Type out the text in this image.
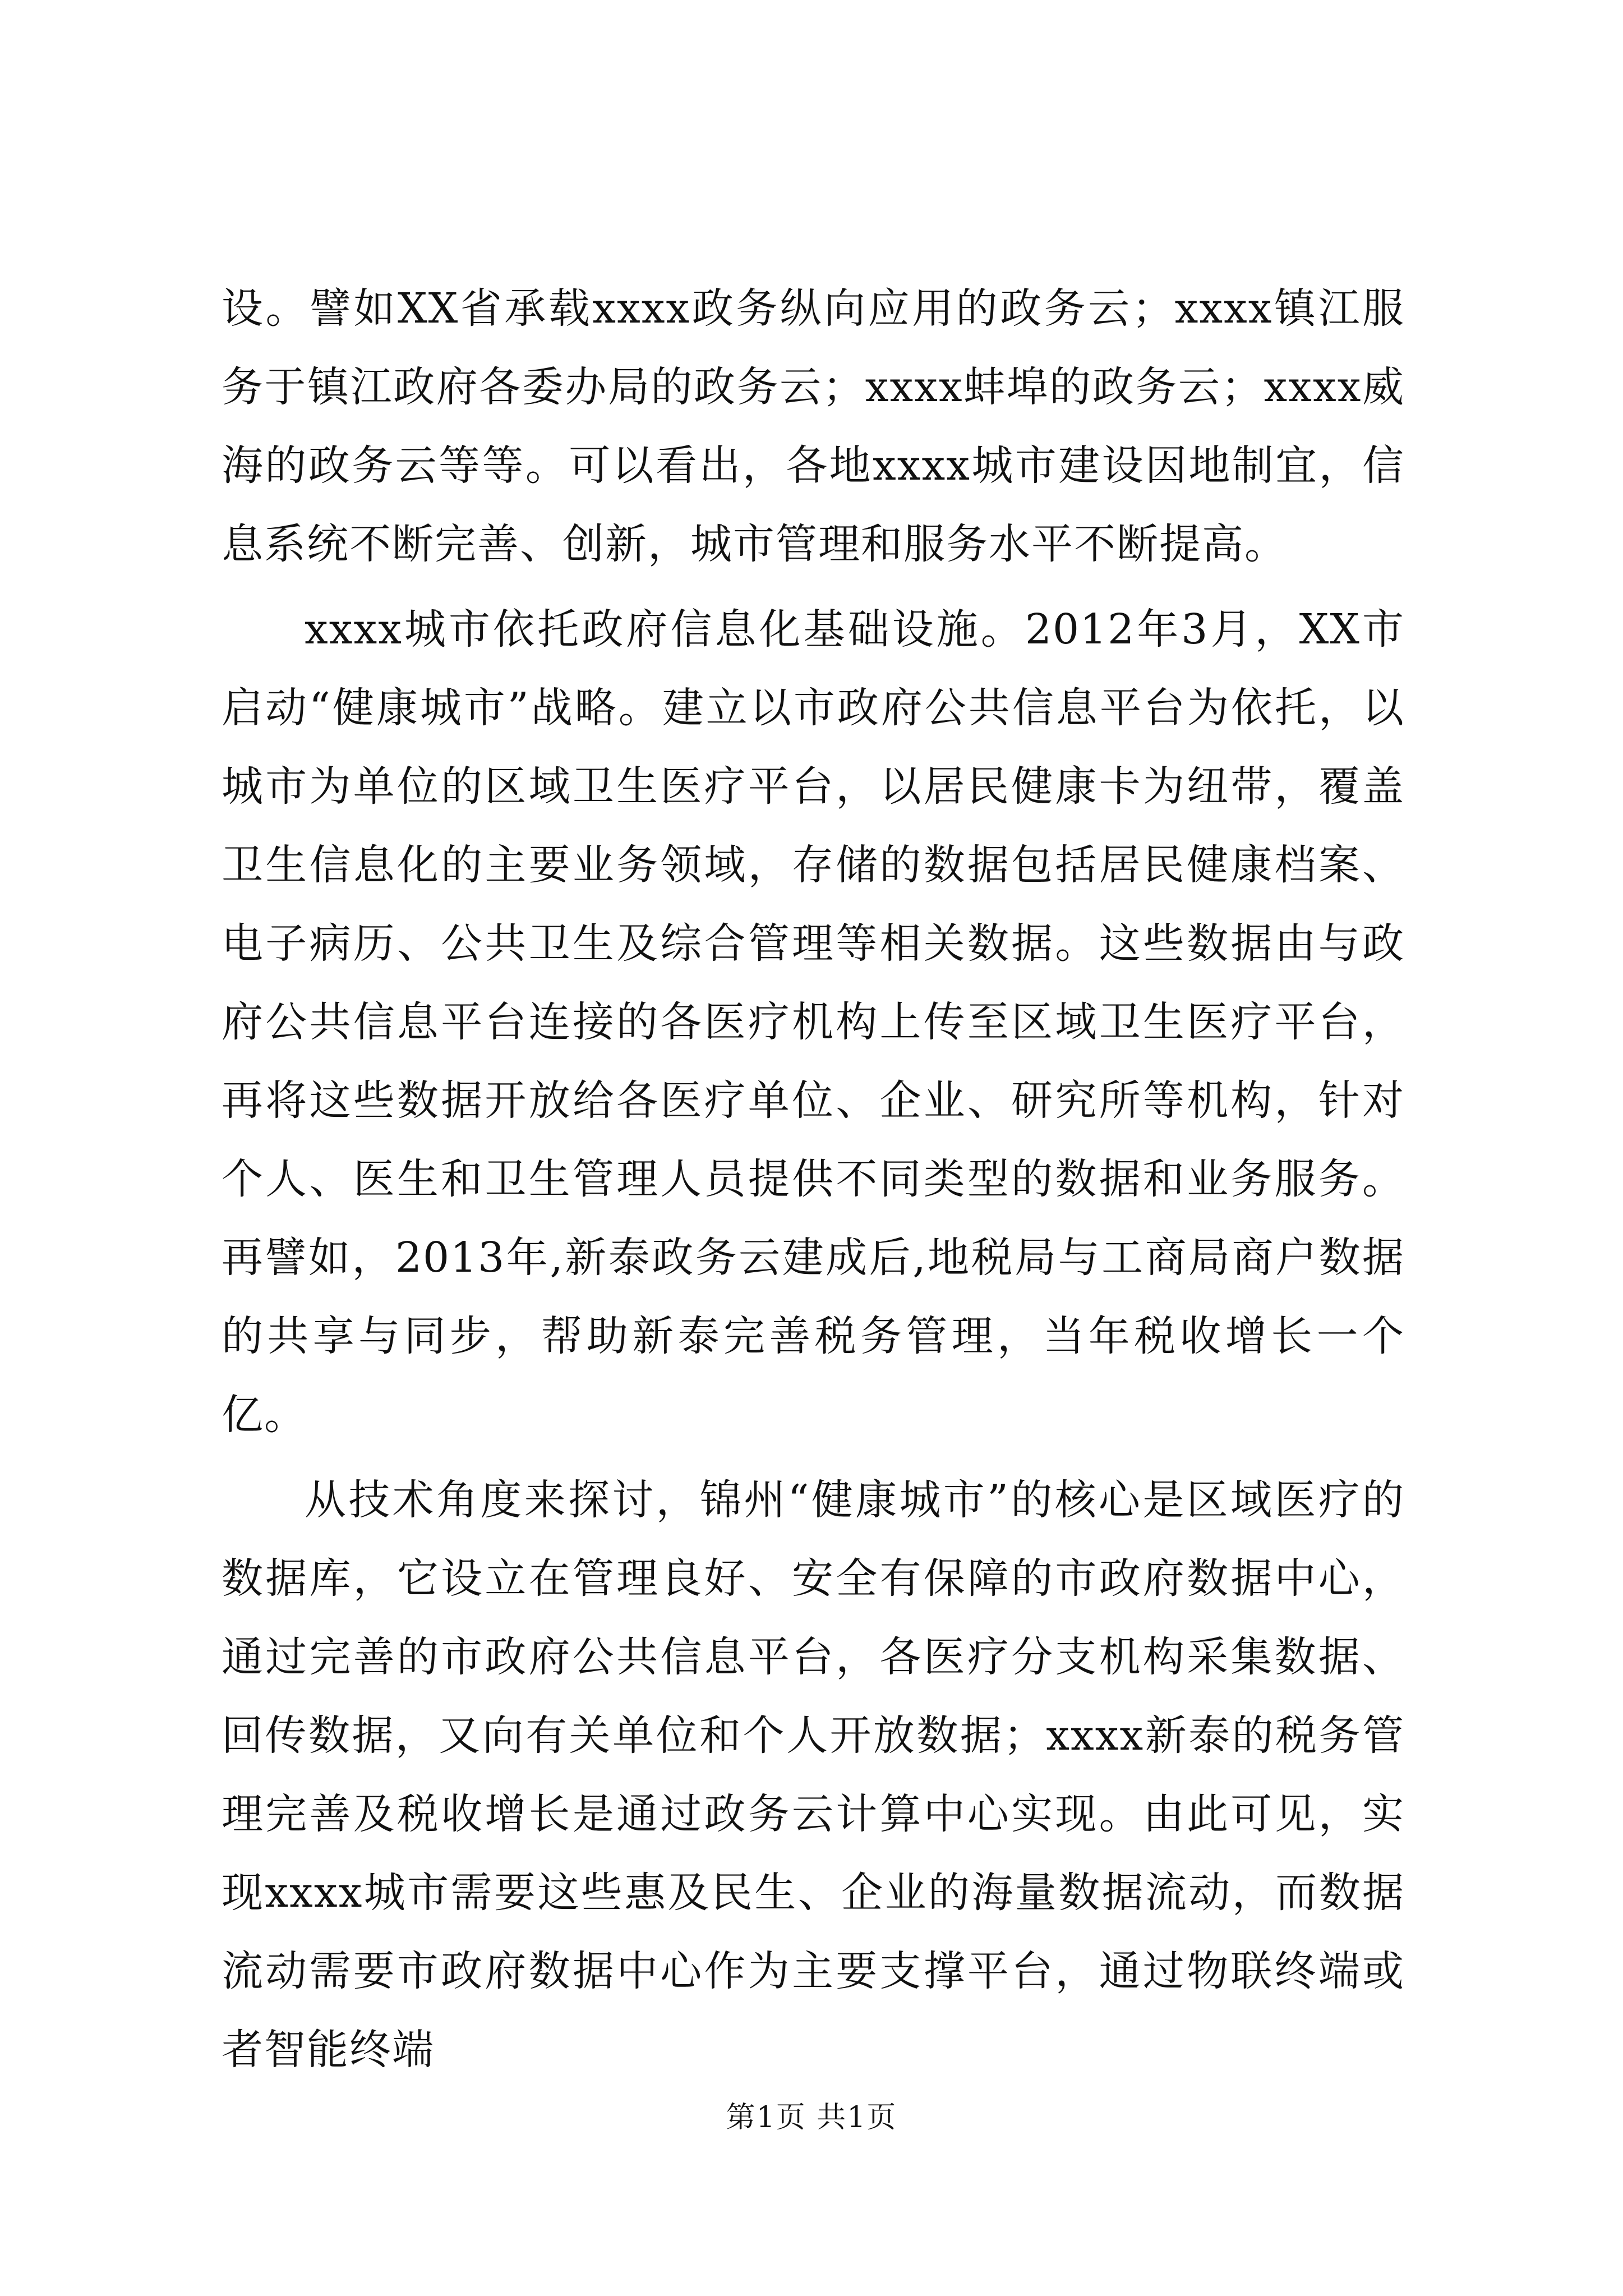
设。譬如XX省承载xxxx政务纵向应用的政务云；xxxx镇江服务于镇江政府各委办局的政务云；xxxx蚌埠的政务云；xxxx威海的政务云等等。可以看出，各地xxxx城市建设因地制宜，信息系统不断完善、创新，城市管理和服务水平不断提高。

xxxx城市依托政府信息化基础设施。2012年3月，XX市启动“健康城市”战略。建立以市政府公共信息平台为依托，以城市为单位的区域卫生医疗平台，以居民健康卡为纽带，覆盖卫生信息化的主要业务领域，存储的数据包括居民健康档案、电子病历、公共卫生及综合管理等相关数据。这些数据由与政府公共信息平台连接的各医疗机构上传至区域卫生医疗平台，再将这些数据开放给各医疗单位、企业、研究所等机构，针对个人、医生和卫生管理人员提供不同类型的数据和业务服务。再譬如，2013年,新泰政务云建成后,地税局与工商局商户数据的共享与同步，帮助新泰完善税务管理，当年税收增长一个亿。

从技术角度来探讨，锦州“健康城市”的核心是区域医疗的数据库，它设立在管理良好、安全有保障的市政府数据中心，通过完善的市政府公共信息平台，各医疗分支机构采集数据、回传数据，又向有关单位和个人开放数据；xxxx新泰的税务管理完善及税收增长是通过政务云计算中心实现。由此可见，实现xxxx城市需要这些惠及民生、企业的海量数据流动，而数据流动需要市政府数据中心作为主要支撑平台，通过物联终端或者智能终端

第1页 共1页
